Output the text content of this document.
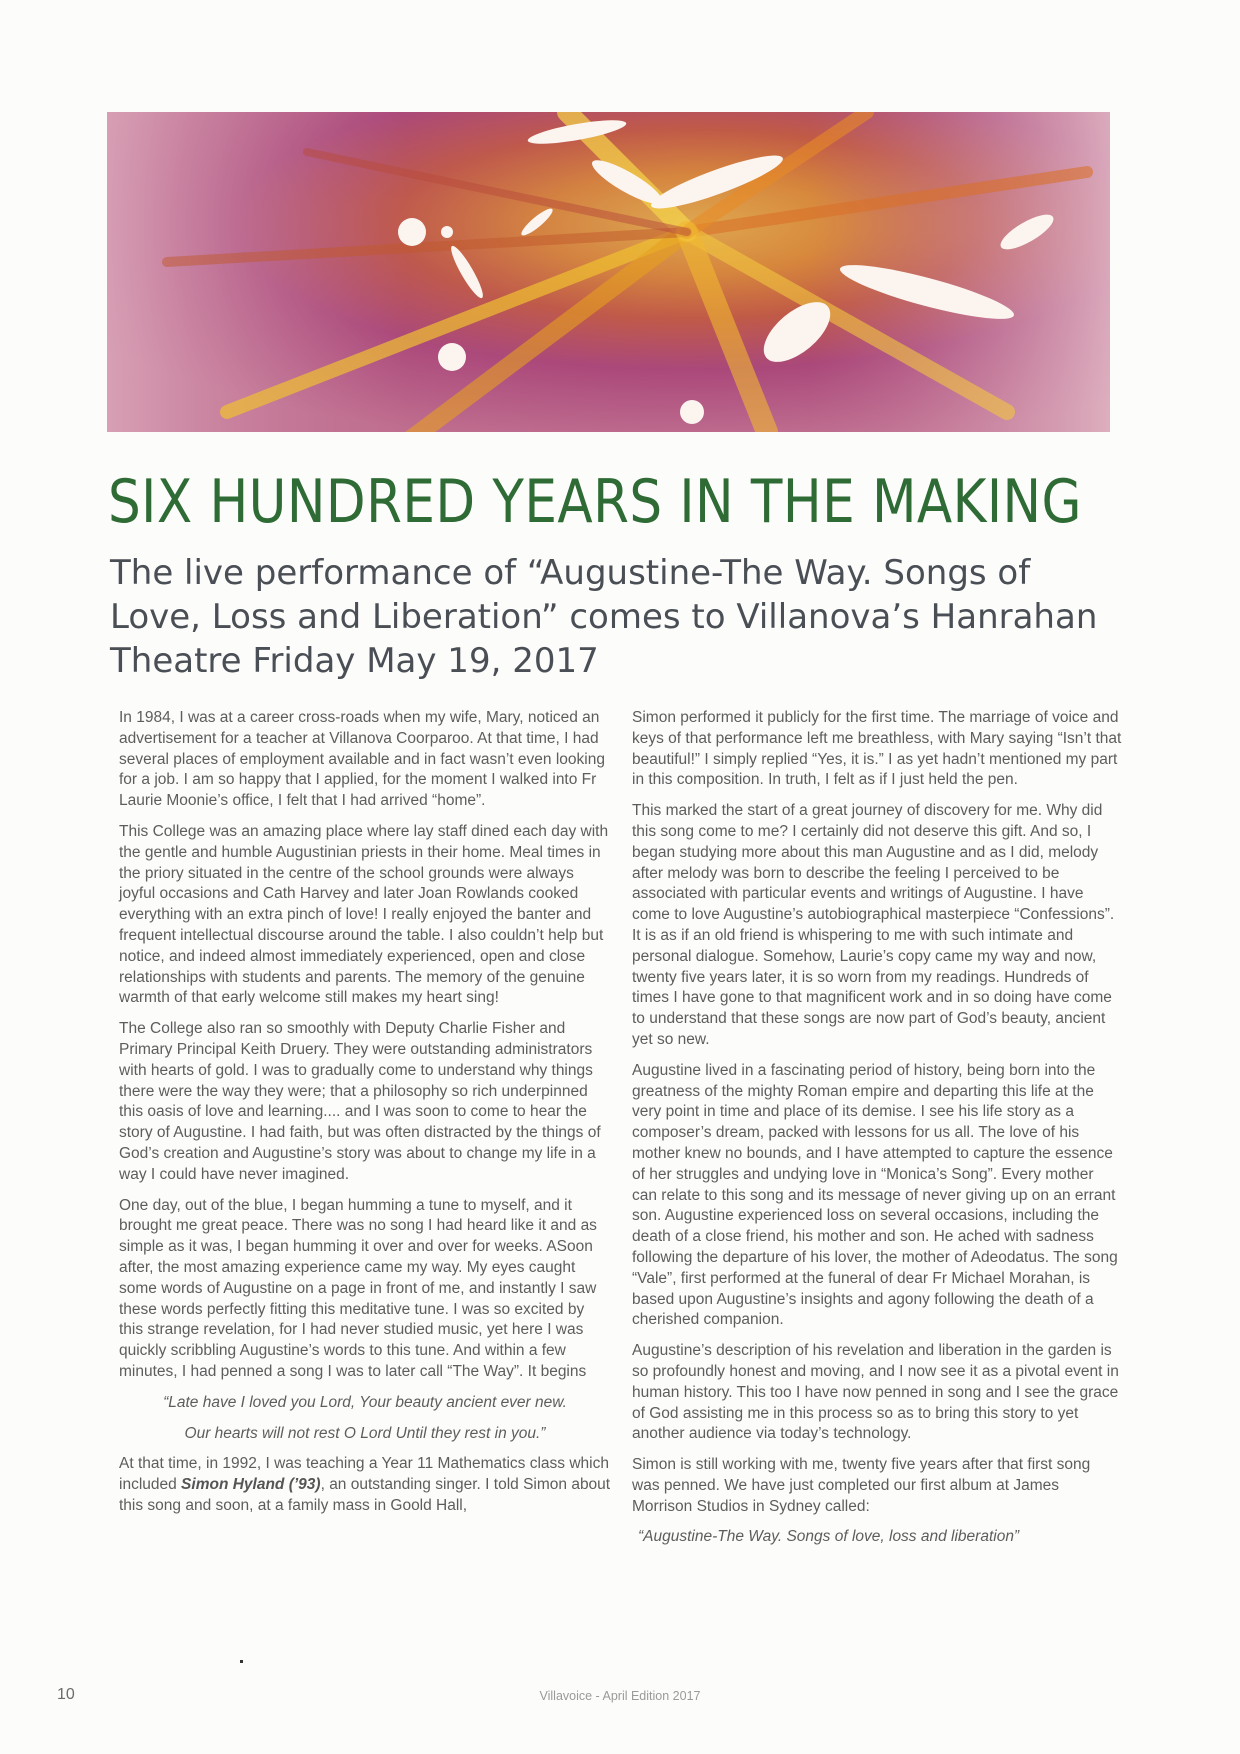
SIX HUNDRED YEARS IN THE MAKING
The live performance of “Augustine-The Way. Songs of Love, Loss and Liberation” comes to Villanova’s Hanrahan Theatre Friday May 19, 2017

In 1984, I was at a career cross-roads when my wife, Mary, noticed an advertisement for a teacher at Villanova Coorparoo. At that time, I had several places of employment available and in fact wasn’t even looking for a job. I am so happy that I applied, for the moment I walked into Fr Laurie Moonie’s office, I felt that I had arrived “home”.

This College was an amazing place where lay staff dined each day with the gentle and humble Augustinian priests in their home. Meal times in the priory situated in the centre of the school grounds were always joyful occasions and Cath Harvey and later Joan Rowlands cooked everything with an extra pinch of love! I really enjoyed the banter and frequent intellectual discourse around the table. I also couldn’t help but notice, and indeed almost immediately experienced, open and close relationships with students and parents. The memory of the genuine warmth of that early welcome still makes my heart sing!

The College also ran so smoothly with Deputy Charlie Fisher and Primary Principal Keith Druery. They were outstanding administrators with hearts of gold. I was to gradually come to understand why things there were the way they were; that a philosophy so rich underpinned this oasis of love and learning.... and I was soon to come to hear the story of Augustine. I had faith, but was often distracted by the things of God’s creation and Augustine’s story was about to change my life in a way I could have never imagined.

One day, out of the blue, I began humming a tune to myself, and it brought me great peace. There was no song I had heard like it and as simple as it was, I began humming it over and over for weeks. ASoon after, the most amazing experience came my way. My eyes caught some words of Augustine on a page in front of me, and instantly I saw these words perfectly fitting this meditative tune. I was so excited by this strange revelation, for I had never studied music, yet here I was quickly scribbling Augustine’s words to this tune. And within a few minutes, I had penned a song I was to later call “The Way”. It begins

“Late have I loved you Lord, Your beauty ancient ever new.

Our hearts will not rest O Lord Until they rest in you.”

At that time, in 1992, I was teaching a Year 11 Mathematics class which included Simon Hyland (’93), an outstanding singer. I told Simon about this song and soon, at a family mass in Goold Hall,

Simon performed it publicly for the first time. The marriage of voice and keys of that performance left me breathless, with Mary saying “Isn’t that beautiful!” I simply replied “Yes, it is.” I as yet hadn’t mentioned my part in this composition. In truth, I felt as if I just held the pen.

This marked the start of a great journey of discovery for me. Why did this song come to me? I certainly did not deserve this gift. And so, I began studying more about this man Augustine and as I did, melody after melody was born to describe the feeling I perceived to be associated with particular events and writings of Augustine. I have come to love Augustine’s autobiographical masterpiece “Confessions”. It is as if an old friend is whispering to me with such intimate and personal dialogue. Somehow, Laurie’s copy came my way and now, twenty five years later, it is so worn from my readings. Hundreds of times I have gone to that magnificent work and in so doing have come to understand that these songs are now part of God’s beauty, ancient yet so new.

Augustine lived in a fascinating period of history, being born into the greatness of the mighty Roman empire and departing this life at the very point in time and place of its demise. I see his life story as a composer’s dream, packed with lessons for us all. The love of his mother knew no bounds, and I have attempted to capture the essence of her struggles and undying love in “Monica’s Song”. Every mother can relate to this song and its message of never giving up on an errant son. Augustine experienced loss on several occasions, including the death of a close friend, his mother and son. He ached with sadness following the departure of his lover, the mother of Adeodatus. The song “Vale”, first performed at the funeral of dear Fr Michael Morahan, is based upon Augustine’s insights and agony following the death of a cherished companion.

Augustine’s description of his revelation and liberation in the garden is so profoundly honest and moving, and I now see it as a pivotal event in human history. This too I have now penned in song and I see the grace of God assisting me in this process so as to bring this story to yet another audience via today’s technology.

Simon is still working with me, twenty five years after that first song was penned. We have just completed our first album at James Morrison Studios in Sydney called:

“Augustine-The Way. Songs of love, loss and liberation”

10	Villavoice - April Edition 2017
